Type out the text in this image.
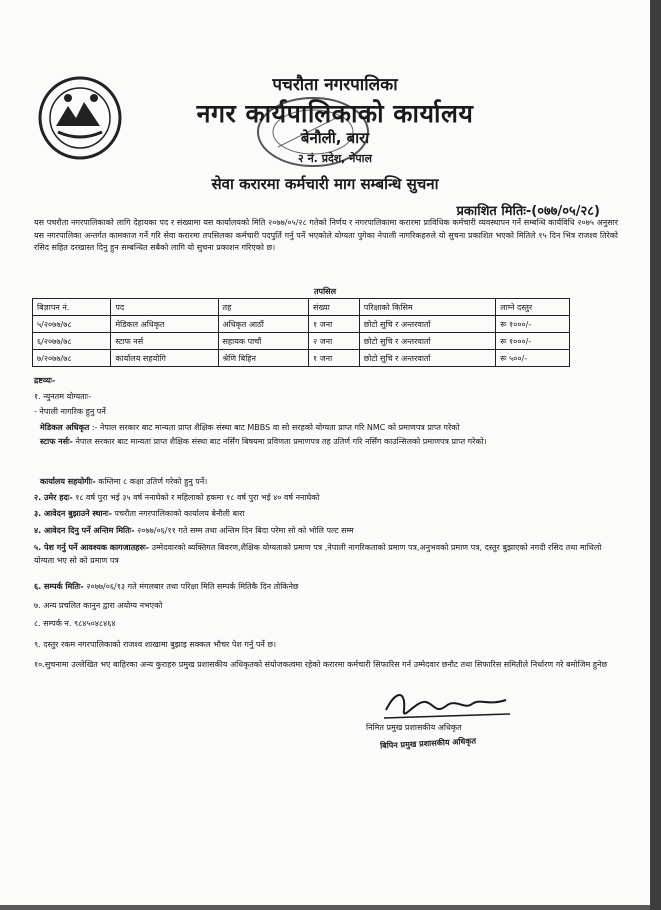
पचरौता नगरपालिका
नगर कार्यपालिकाको कार्यालय
बेनौली, बारा
२ नं. प्रदेश, नेपाल
सेवा करारमा कर्मचारी माग सम्बन्धि सुचना
प्रकाशित मितिः-(०७७/०५/२८)
यस पचरौता नगरपालिकाको लागि देहायका पद र संख्यामा यस कार्यालयको मिति २०७७/०५/२८ गतेको निर्णय र नगरपालिकामा करारमा प्राविधिक कर्मचारी व्यवस्थापन गर्ने सम्बन्धि कार्यविधि २०७५ अनुसार यस नगरपालिका अन्तर्गत कामकाज गर्ने गरि सेवा करारमा तपसिलका कर्मचारी पदपुर्ति गर्नु पर्ने भएकोले योग्यता पुगेका नेपाली नागरिकहरुले यो सुचना प्रकाशित भएको मितिले १५ दिन भित्र राजश्व तिरेको रसिद सहित दरखास्त दिनु हुन सम्बन्धित सबैको लागि यो सुचना प्रकाशन गरिएको छ।
तपसिल
बिज्ञापन नं.	पद	तह	संख्या	परिक्षाको किसिम	लाग्ने दस्तुर
५/२०७७/७८	मेडिकल अधिकृत	अधिकृत आठौं	१ जना	छोटो सुचि र अन्तरवार्ता	रू १०००/-
६/२०७७/७८	स्टाफ नर्स	सहायक पाचौं	२ जना	छोटो सुचि र अन्तरवार्ता	रू १०००/-
७/२०७७/७८	कार्यालय सहयोगि	श्रेणि बिहिन	१ जना	छोटो सुचि र अन्तरवार्ता	रू ५००/-
द्रष्टव्यः-
१. न्युनतम योग्यताः-
- नेपाली नागरिक हुनु पर्ने
मेडिकल अधिकृत :- नेपाल सरकार बाट मान्यता प्राप्त शैक्षिक संस्था बाट MBBS वा सो सरहको योग्यता प्राप्त गरि NMC को प्रमाणपत्र प्राप्त गरेको
स्टाफ नर्सः- नेपाल सरकार बाट मान्यता प्राप्त शैक्षिक संस्था बाट नर्सिंग बिषयमा प्रविणता प्रमाणपत्र तह उतिर्ण गरि नर्सिंग काउन्सिलको प्रमाणपत्र प्राप्त गरेको।
कार्यालय सहयोगीः- कम्तिमा ८ कक्षा उतिर्ण गरेको हुनु पर्ने।
२. उमेर हदः- १८ वर्ष पुरा भई ३५ वर्ष ननाघेको र महिलाको हकमा १८ वर्ष पुरा भई ४० वर्ष ननाघेको
३. आवेदन बुझाउने स्थानः- पचरौता नगरपालिकाको कार्यालय बेनौली बारा
४. आवेदन दिनु पर्ने अन्तिम मितिः- २०७७/०६/११ गते सम्म तथा अन्तिम दिन बिदा परेमा सो को भोलि पल्ट सम्म
५. पेश गर्नु पर्ने आवश्यक कागजातहरुः- उम्मेदवारको ब्यक्तिगत बिवरण,शैक्षिक योग्यताको प्रमाण पत्र ,नेपाली नागरिकताको प्रमाण पत्र,अनुभवको प्रमाण पत्र, दस्तुर बुझाएको नगदी रसिद तथा माथिलो योग्यता भए सो को प्रमाण पत्र
६. सम्पर्क मितिः- २०७७/०६/१३ गते मंगलबार तथा परिक्षा मिति सम्पर्क मितिकै दिन तोकिनेछ
७. अन्य प्रचलित कानुन द्वारा अयोग्य नभएको
८. सम्पर्क न. ९८४५०४८४६४
९. दस्तुर रकम नगरपालिकाको राजश्व शाखामा बुझाइ सक्कल भौचर पेश गर्नु पर्ने छ।
१०.सुचनामा उल्लेखित भए बाहिरका अन्य कुराहरु प्रमुख प्रशासकीय अधिकृतको संयोजकत्वमा रहेको करारमा कर्मचारी सिफारिस गर्न उम्मेदवार छनौट तथा सिफारिस समितीले निर्धारण गरे बमोजिम हुनेछ
निमित प्रमुख प्रशासकीय अधिकृत
बिपिन प्रमुख प्रशासकीय अधिकृत
